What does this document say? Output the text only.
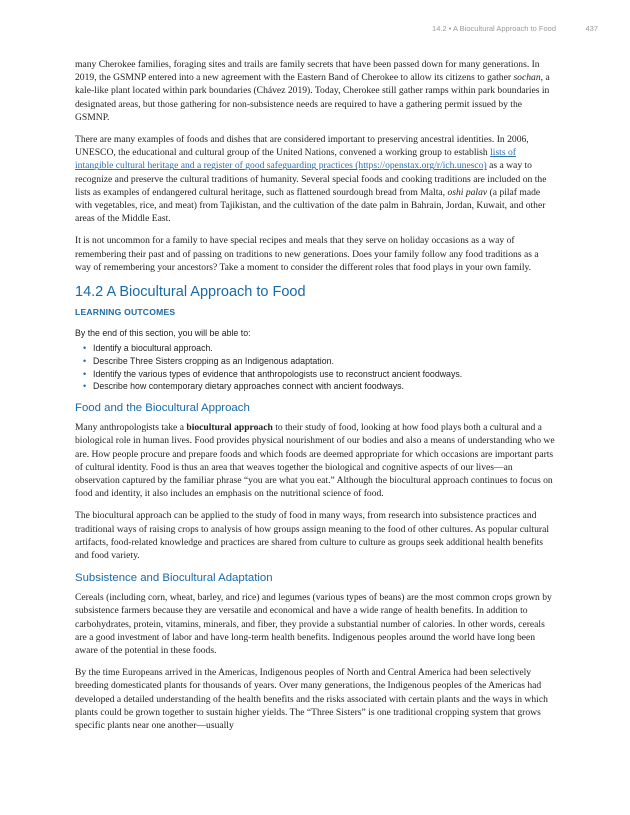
14.2 • A Biocultural Approach to Food	437

many Cherokee families, foraging sites and trails are family secrets that have been passed down for many generations. In 2019, the GSMNP entered into a new agreement with the Eastern Band of Cherokee to allow its citizens to gather sochan, a kale-like plant located within park boundaries (Chávez 2019). Today, Cherokee still gather ramps within park boundaries in designated areas, but those gathering for non-subsistence needs are required to have a gathering permit issued by the GSMNP.

There are many examples of foods and dishes that are considered important to preserving ancestral identities. In 2006, UNESCO, the educational and cultural group of the United Nations, convened a working group to establish lists of intangible cultural heritage and a register of good safeguarding practices (https://openstax.org/r/ich.unesco) as a way to recognize and preserve the cultural traditions of humanity. Several special foods and cooking traditions are included on the lists as examples of endangered cultural heritage, such as flattened sourdough bread from Malta, oshi palav (a pilaf made with vegetables, rice, and meat) from Tajikistan, and the cultivation of the date palm in Bahrain, Jordan, Kuwait, and other areas of the Middle East.

It is not uncommon for a family to have special recipes and meals that they serve on holiday occasions as a way of remembering their past and of passing on traditions to new generations. Does your family follow any food traditions as a way of remembering your ancestors? Take a moment to consider the different roles that food plays in your own family.

14.2 A Biocultural Approach to Food
LEARNING OUTCOMES
By the end of this section, you will be able to:
• Identify a biocultural approach.
• Describe Three Sisters cropping as an Indigenous adaptation.
• Identify the various types of evidence that anthropologists use to reconstruct ancient foodways.
• Describe how contemporary dietary approaches connect with ancient foodways.
Food and the Biocultural Approach

Many anthropologists take a biocultural approach to their study of food, looking at how food plays both a cultural and a biological role in human lives. Food provides physical nourishment of our bodies and also a means of understanding who we are. How people procure and prepare foods and which foods are deemed appropriate for which occasions are important parts of cultural identity. Food is thus an area that weaves together the biological and cognitive aspects of our lives—an observation captured by the familiar phrase “you are what you eat.” Although the biocultural approach continues to focus on food and identity, it also includes an emphasis on the nutritional science of food.

The biocultural approach can be applied to the study of food in many ways, from research into subsistence practices and traditional ways of raising crops to analysis of how groups assign meaning to the food of other cultures. As popular cultural artifacts, food-related knowledge and practices are shared from culture to culture as groups seek additional health benefits and food variety.

Subsistence and Biocultural Adaptation

Cereals (including corn, wheat, barley, and rice) and legumes (various types of beans) are the most common crops grown by subsistence farmers because they are versatile and economical and have a wide range of health benefits. In addition to carbohydrates, protein, vitamins, minerals, and fiber, they provide a substantial number of calories. In other words, cereals are a good investment of labor and have long-term health benefits. Indigenous peoples around the world have long been aware of the potential in these foods.

By the time Europeans arrived in the Americas, Indigenous peoples of North and Central America had been selectively breeding domesticated plants for thousands of years. Over many generations, the Indigenous peoples of the Americas had developed a detailed understanding of the health benefits and the risks associated with certain plants and the ways in which plants could be grown together to sustain higher yields. The “Three Sisters” is one traditional cropping system that grows specific plants near one another—usually
